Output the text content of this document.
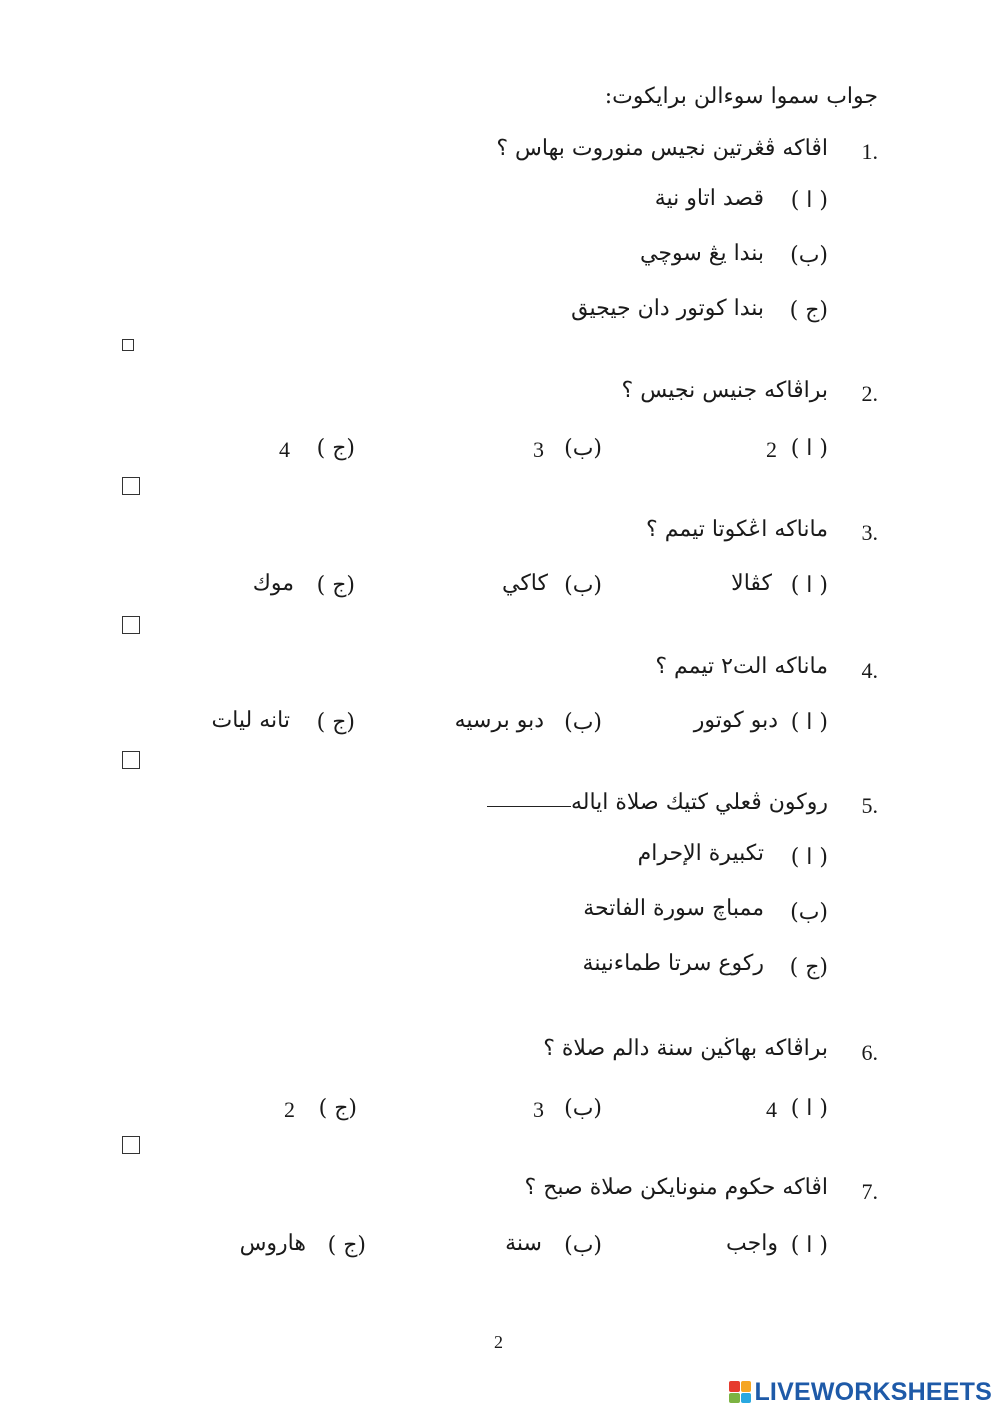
جواب سموا سوءالن برايكوت:
1.
اڤاكه ڤڠرتين نجيس منوروت بهاس ؟
( ا )
قصد اتاو نية
(ب)
بندا يڠ سوچي
(ج )
بندا كوتور دان جيجيق
2.
براڤاكه جنيس نجيس ؟
( ا )
2
(ب)
3
(ج )
4
3.
ماناكه اڠكوتا تيمم ؟
( ا )
كڤالا
(ب)
كاكي
(ج )
موك
4.
ماناكه الت٢ تيمم ؟
( ا )
دبو كوتور
(ب)
دبو برسيه
(ج )
تانه ليات
5.
روكون ڤعلي كتيك صلاة اياله
( ا )
تكبيرة الإحرام
(ب)
ممباچ سورة الفاتحة
(ج )
ركوع سرتا طماءنينة
6.
براڤاكه بهاڬين سنة دالم صلاة ؟
( ا )
4
(ب)
3
(ج )
2
7.
اڤاكه حكوم منونايكن صلاة صبح ؟
( ا )
واجب
(ب)
سنة
(ج )
هاروس
2
LIVEWORKSHEETS
